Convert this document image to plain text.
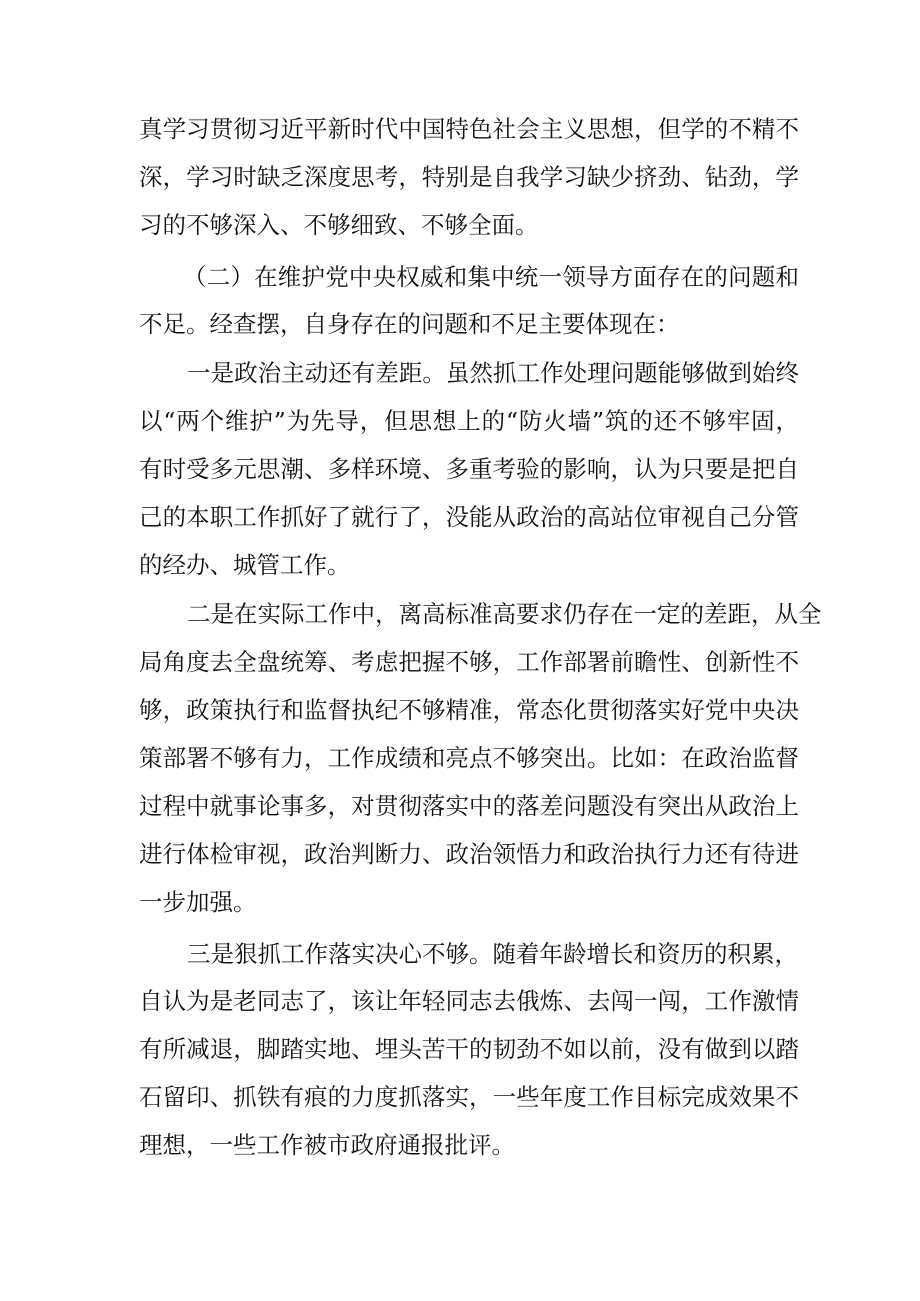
真学习贯彻习近平新时代中国特色社会主义思想，但学的不精不
深，学习时缺乏深度思考，特别是自我学习缺少挤劲、钻劲，学
习的不够深入、不够细致、不够全面。
（二）在维护党中央权威和集中统一领导方面存在的问题和
不足。经查摆，自身存在的问题和不足主要体现在：
一是政治主动还有差距。虽然抓工作处理问题能够做到始终
以“两个维护”为先导，但思想上的“防火墙”筑的还不够牢固，
有时受多元思潮、多样环境、多重考验的影响，认为只要是把自
己的本职工作抓好了就行了，没能从政治的高站位审视自己分管
的经办、城管工作。
二是在实际工作中，离高标准高要求仍存在一定的差距，从全
局角度去全盘统筹、考虑把握不够，工作部署前瞻性、创新性不
够，政策执行和监督执纪不够精准，常态化贯彻落实好党中央决
策部署不够有力，工作成绩和亮点不够突出。比如：在政治监督
过程中就事论事多，对贯彻落实中的落差问题没有突出从政治上
进行体检审视，政治判断力、政治领悟力和政治执行力还有待进
一步加强。
三是狠抓工作落实决心不够。随着年龄增长和资历的积累，
自认为是老同志了，该让年轻同志去俄炼、去闯一闯，工作激情
有所减退，脚踏实地、埋头苦干的韧劲不如以前，没有做到以踏
石留印、抓铁有痕的力度抓落实，一些年度工作目标完成效果不
理想，一些工作被市政府通报批评。
